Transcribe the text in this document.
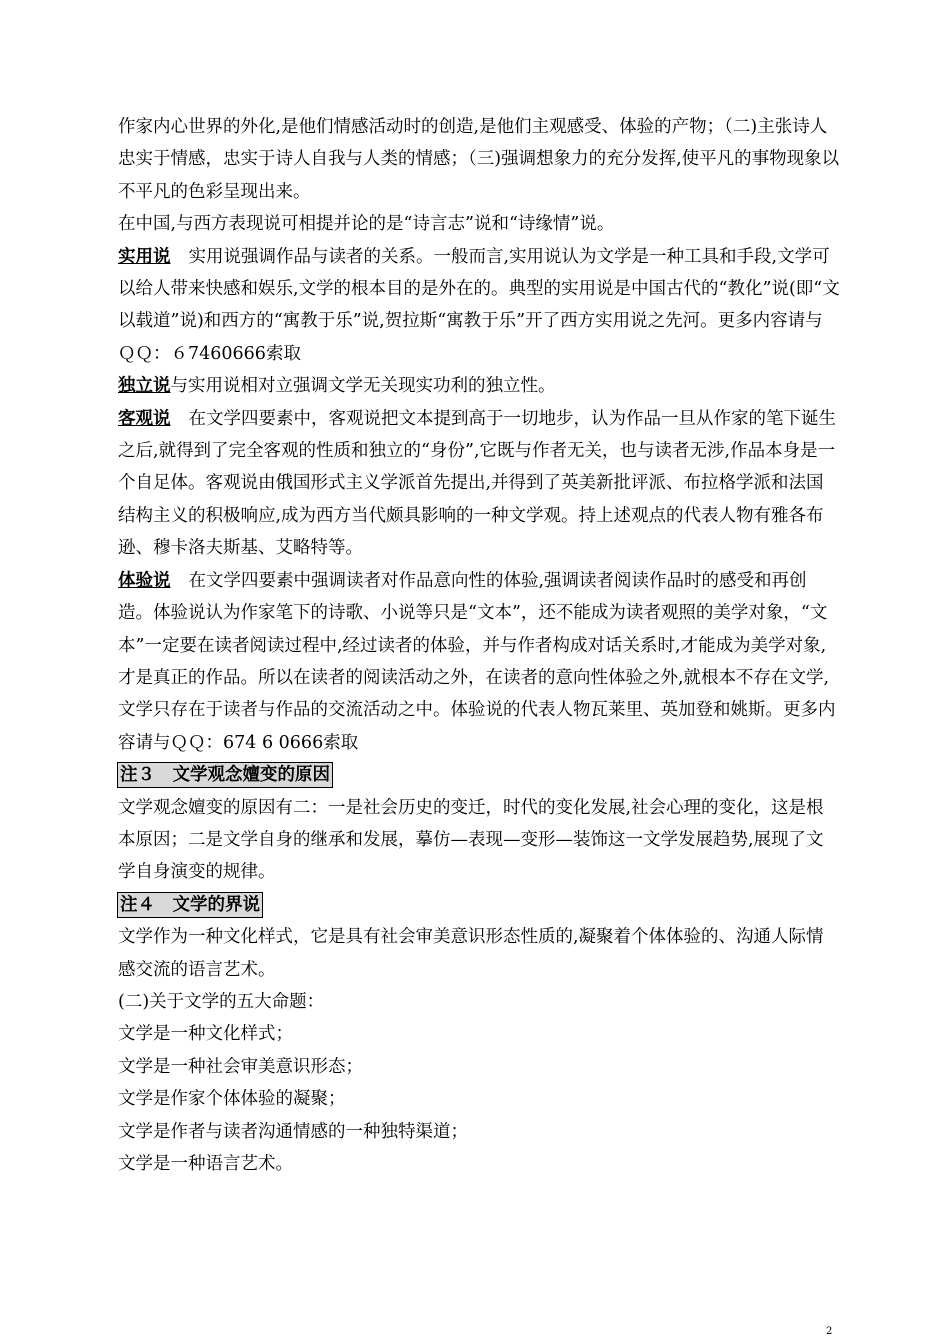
作家内心世界的外化,是他们情感活动时的创造,是他们主观感受、体验的产物；（二)主张诗人忠实于情感，忠实于诗人自我与人类的情感；（三)强调想象力的充分发挥,使平凡的事物现象以不平凡的色彩呈现出来。

在中国,与西方表现说可相提并论的是“诗言志”说和“诗缘情”说。

实用说 实用说强调作品与读者的关系。一般而言,实用说认为文学是一种工具和手段,文学可以给人带来快感和娱乐,文学的根本目的是外在的。典型的实用说是中国古代的“教化”说(即“文以载道”说)和西方的“寓教于乐”说,贺拉斯“寓教于乐”开了西方实用说之先河。更多内容请与ＱＱ：６7460666索取

独立说与实用说相对立强调文学无关现实功利的独立性。

客观说 在文学四要素中，客观说把文本提到高于一切地步，认为作品一旦从作家的笔下诞生之后,就得到了完全客观的性质和独立的“身份”,它既与作者无关，也与读者无涉,作品本身是一个自足体。客观说由俄国形式主义学派首先提出,并得到了英美新批评派、布拉格学派和法国结构主义的积极响应,成为西方当代颇具影响的一种文学观。持上述观点的代表人物有雅各布逊、穆卡洛夫斯基、艾略特等。

体验说 在文学四要素中强调读者对作品意向性的体验,强调读者阅读作品时的感受和再创造。体验说认为作家笔下的诗歌、小说等只是“文本”，还不能成为读者观照的美学对象，“文本”一定要在读者阅读过程中,经过读者的体验，并与作者构成对话关系时,才能成为美学对象,才是真正的作品。所以在读者的阅读活动之外，在读者的意向性体验之外,就根本不存在文学,文学只存在于读者与作品的交流活动之中。体验说的代表人物瓦莱里、英加登和姚斯。更多内容请与ＱＱ：674 6 0666索取

注３　文学观念嬗变的原因

文学观念嬗变的原因有二：一是社会历史的变迁，时代的变化发展,社会心理的变化，这是根本原因；二是文学自身的继承和发展，摹仿—表现—变形—装饰这一文学发展趋势,展现了文学自身演变的规律。

注４　文学的界说

文学作为一种文化样式，它是具有社会审美意识形态性质的,凝聚着个体体验的、沟通人际情感交流的语言艺术。

(二)关于文学的五大命题：

文学是一种文化样式；

文学是一种社会审美意识形态；

文学是作家个体体验的凝聚；

文学是作者与读者沟通情感的一种独特渠道；

文学是一种语言艺术。

2
